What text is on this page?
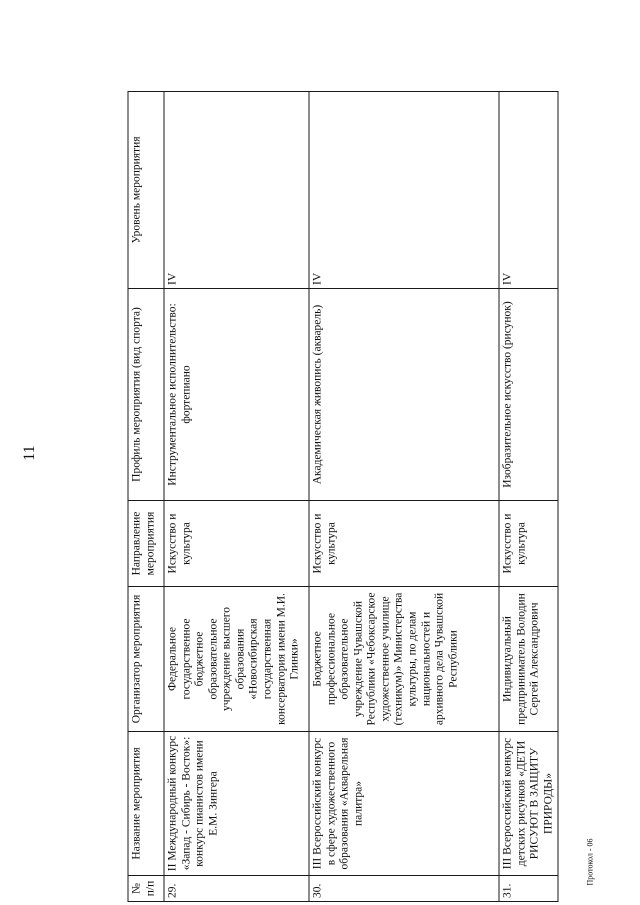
11
№ п/п	Название мероприятия	Организатор мероприятия	Направление мероприятия	Профиль мероприятия (вид спорта)	Уровень мероприятия
29.	II Международный конкурс «Запад - Сибирь - Восток»: конкурс пианистов имени Е.М. Зингера	Федеральное государственное бюджетное образовательное учреждение высшего образования «Новосибирская государственная консерватория имени М.И. Глинки»	Искусство и культура	Инструментальное исполнительство: фортепиано	IV
30.	III Всероссийский конкурс в сфере художественного образования «Акварельная палитра»	Бюджетное профессиональное образовательное учреждение Чувашской Республики «Чебоксарское художественное училище (техникум)» Министерства культуры, по делам национальностей и архивного дела Чувашской Республики	Искусство и культура	Академическая живопись (акварель)	IV
31.	III Всероссийский конкурс детских рисунков «ДЕТИ РИСУЮТ В ЗАЩИТУ ПРИРОДЫ»	Индивидуальный предприниматель Володин Сергей Александрович	Искусство и культура	Изобразительное искусство (рисунок)	IV
Протокол - 06
